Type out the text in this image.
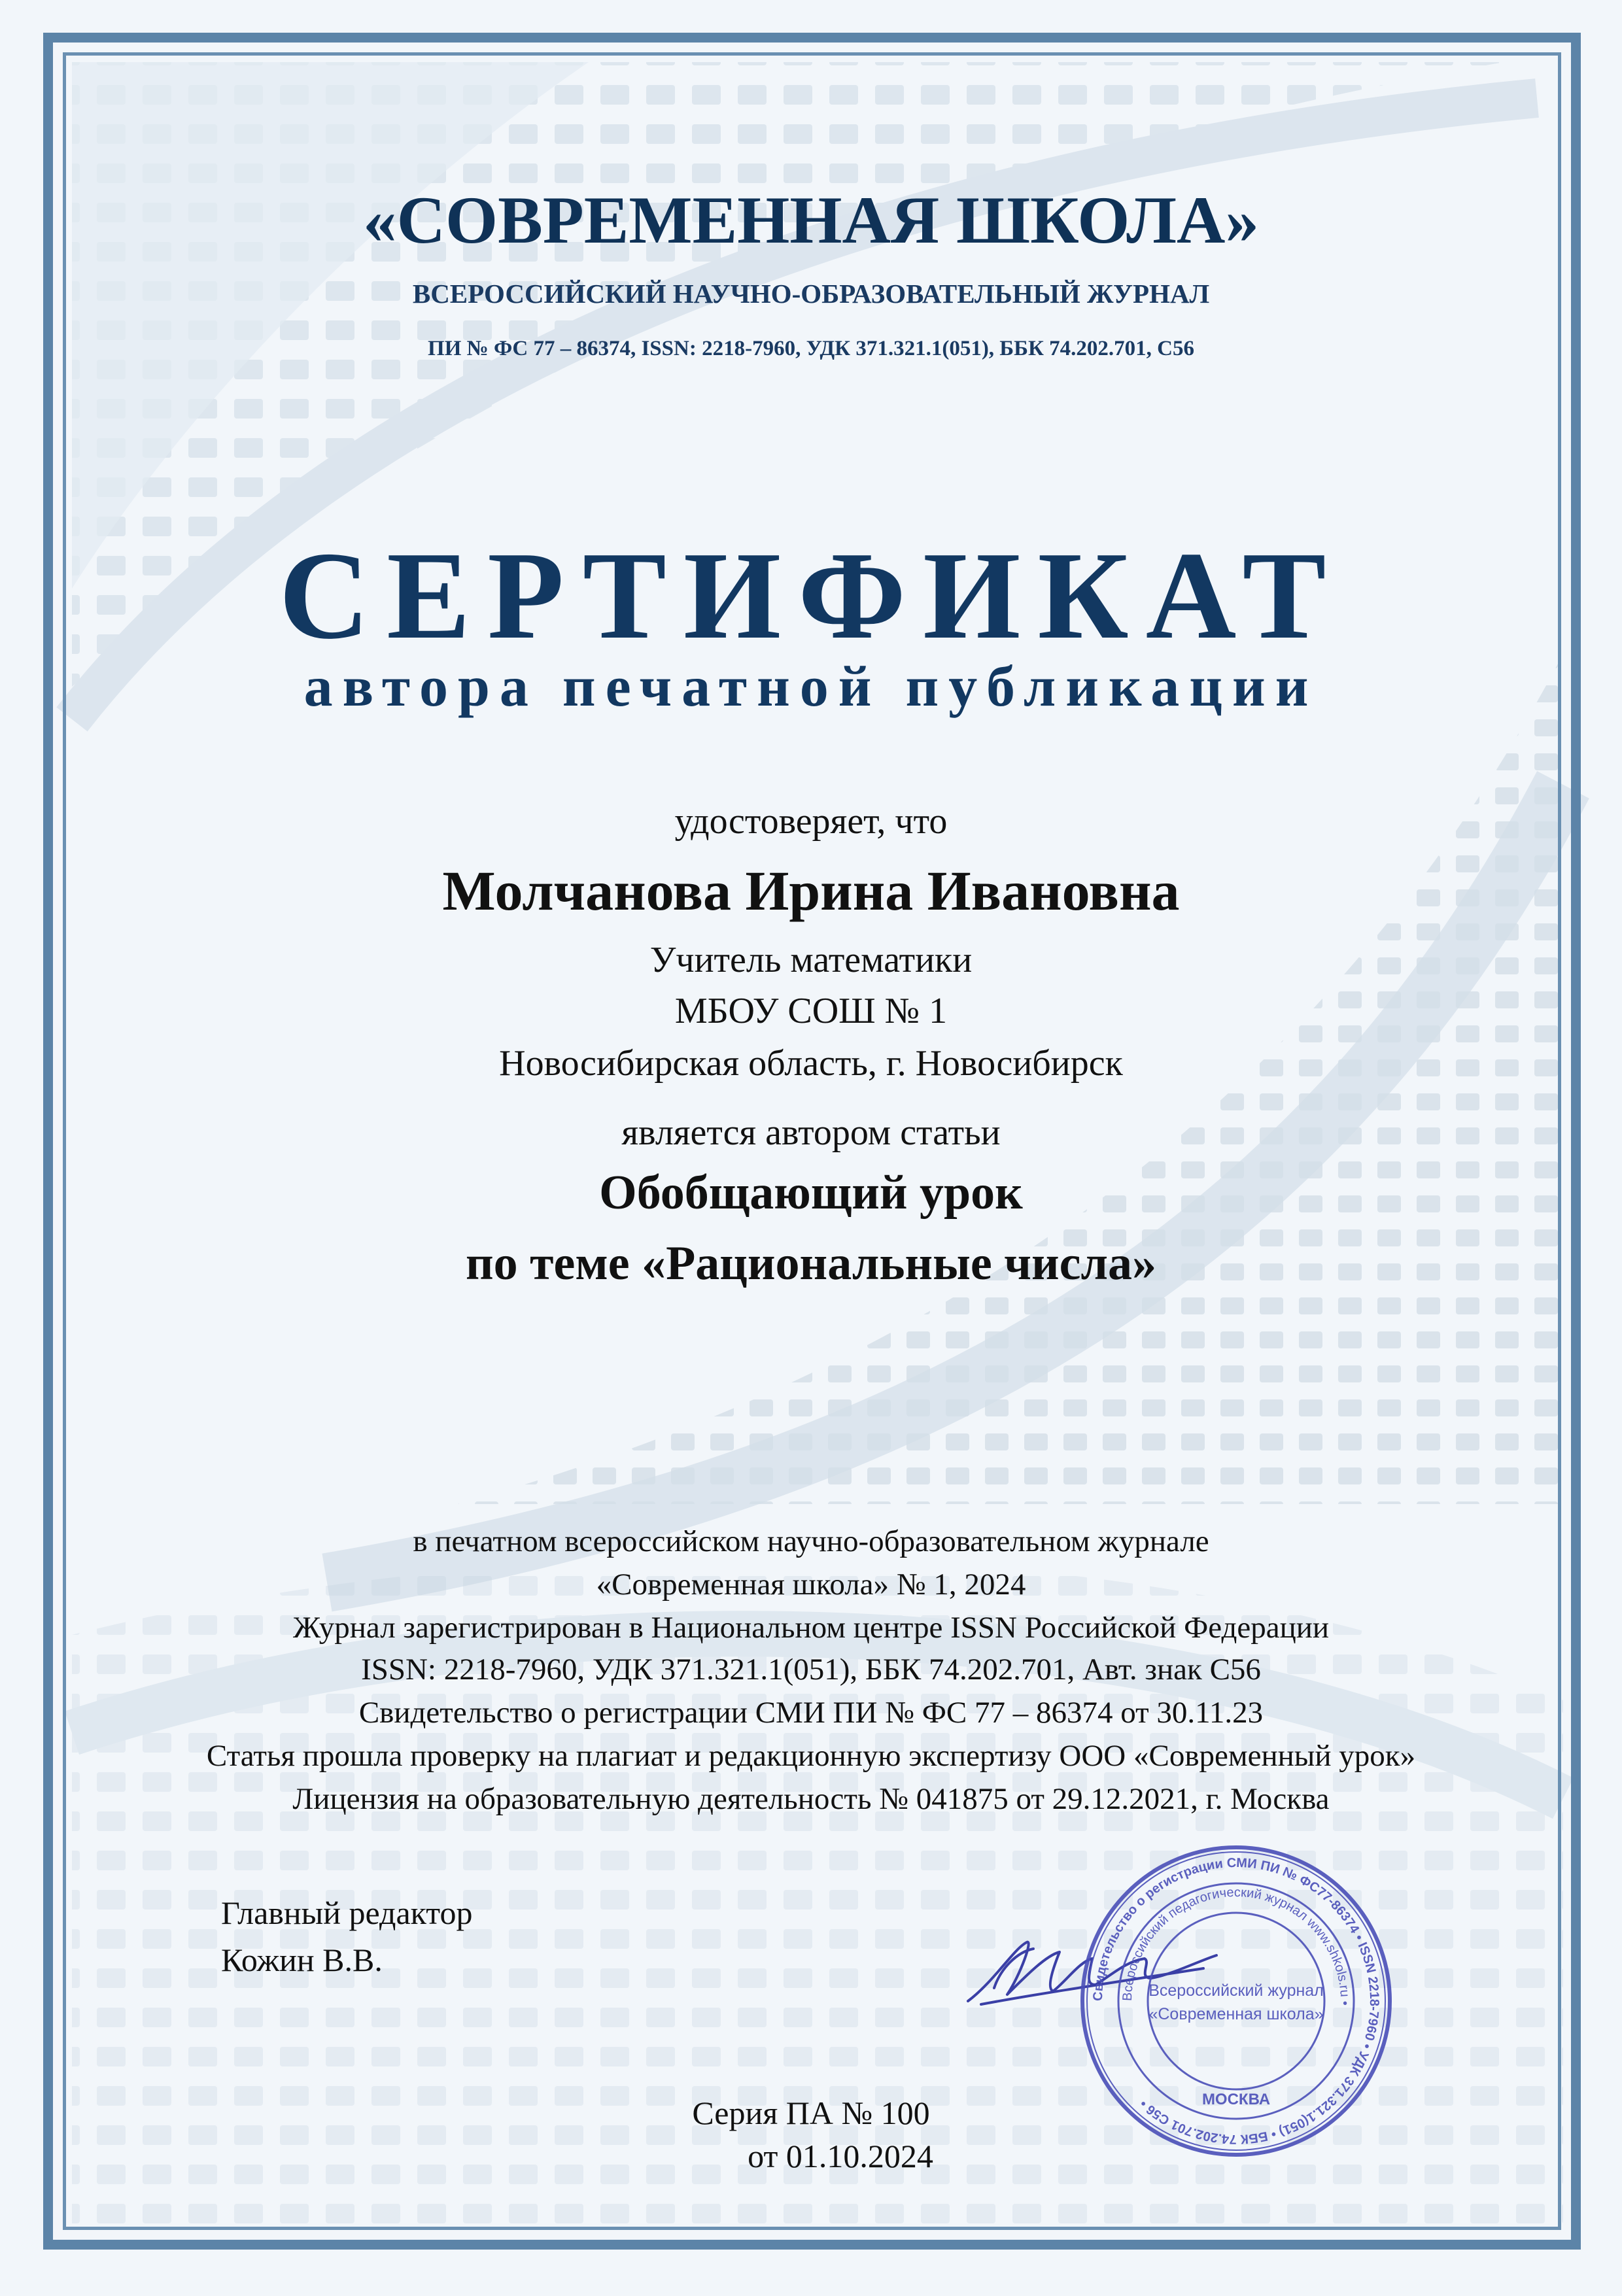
«СОВРЕМЕННАЯ ШКОЛА»

ВСЕРОССИЙСКИЙ НАУЧНО-ОБРАЗОВАТЕЛЬНЫЙ ЖУРНАЛ

ПИ № ФС 77 – 86374, ISSN: 2218-7960, УДК 371.321.1(051), ББК 74.202.701, С56

СЕРТИФИКАТ

автора печатной публикации

удостоверяет, что

Молчанова Ирина Ивановна

Учитель математики

МБОУ СОШ № 1

Новосибирская область, г. Новосибирск

является автором статьи

Обобщающий урок

по теме «Рациональные числа»

в печатном всероссийском научно-образовательном журнале

«Современная школа» № 1, 2024

Журнал зарегистрирован в Национальном центре ISSN Российской Федерации

ISSN: 2218-7960, УДК 371.321.1(051), ББК 74.202.701, Авт. знак С56

Свидетельство о регистрации СМИ ПИ № ФС 77 – 86374 от 30.11.23

Статья прошла проверку на плагиат и редакционную экспертизу ООО «Современный урок»

Лицензия на образовательную деятельность № 041875 от 29.12.2021, г. Москва

Главный редактор

Кожин В.В.

Свидетельство о регистрации СМИ ПИ № ФС77-86374 • ISSN 2218-7960 • УДК 371.321.1(051) • ББК 74.202.701 С56 •
Всероссийский педагогический журнал www.shkols.ru •
Всероссийский журнал
«Современная школа»
МОСКВА

Серия ПА № 100

от 01.10.2024
